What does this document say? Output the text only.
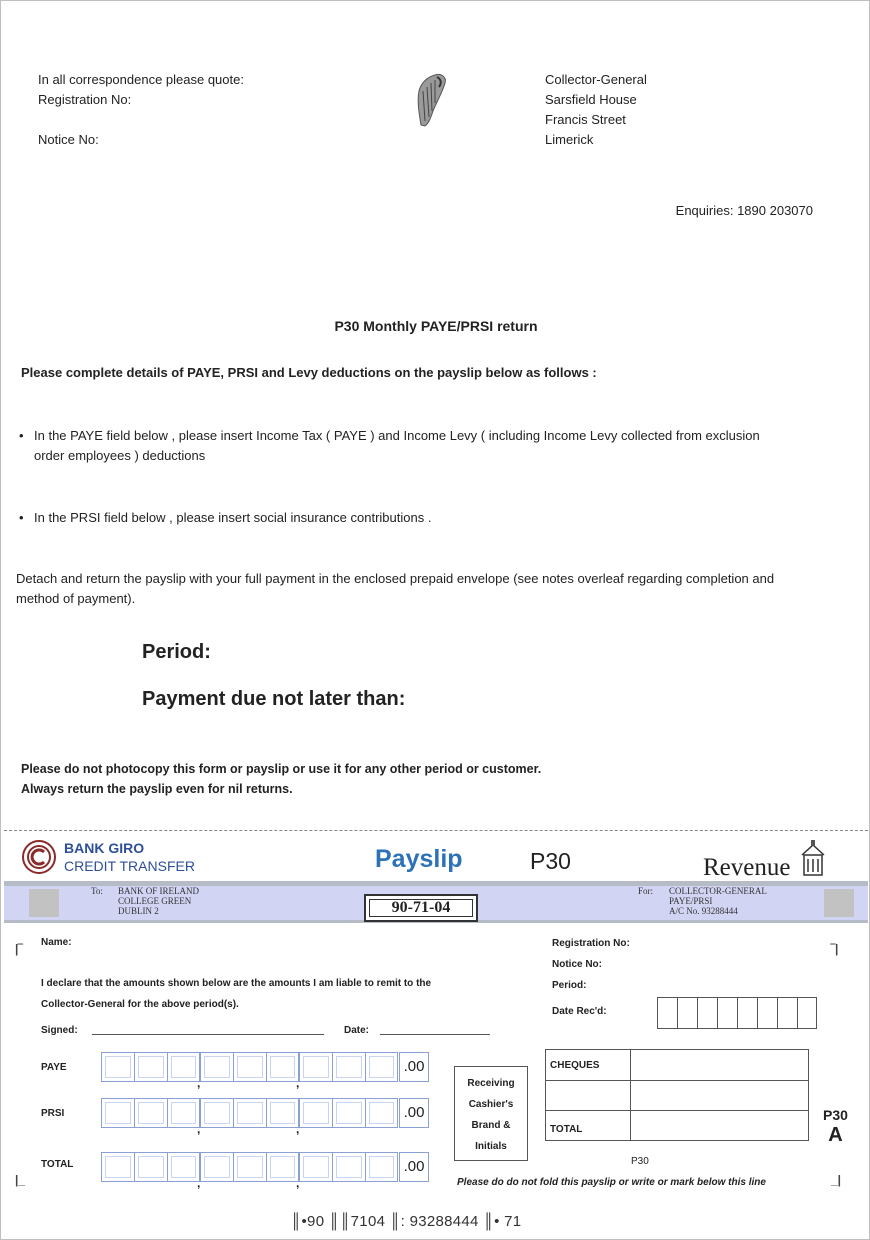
In all correspondence please quote:
Registration No:
Notice No:
Collector-General
Sarsfield House
Francis Street
Limerick
Enquiries: 1890 203070
P30 Monthly PAYE/PRSI return
Please complete details of PAYE, PRSI and Levy deductions on the payslip below as follows :
• In the PAYE field below , please insert Income Tax ( PAYE ) and Income Levy ( including Income Levy collected from exclusion order employees ) deductions
• In the PRSI field below , please insert social insurance contributions .
Detach and return the payslip with your full payment in the enclosed prepaid envelope (see notes overleaf regarding completion and method of payment).
Period:
Payment due not later than:
Please do not photocopy this form or payslip or use it for any other period or customer.
Always return the payslip even for nil returns.
BANK GIRO
CREDIT TRANSFER	Payslip	P30	Revenue
To: BANK OF IRELAND
COLLEGE GREEN
DUBLIN 2	90-71-04
For: COLLECTOR-GENERAL
PAYE/PRSI
A/C No. 93288444
|‾	‾|
|_	_|
Name:
I declare that the amounts shown below are the amounts I am liable to remit to the
Collector-General for the above period(s).
Signed:	Date:
Registration No:
Notice No:
Period:
Date Rec'd:
PAYE	.00
,	,
PRSI	.00
,	,
TOTAL	.00
,	,
Receiving
Cashier's
Brand &
Initials
CHEQUES
TOTAL
P30
A
P30
Please do do not fold this payslip or write or mark below this line
║•90 ║║7104 ║: 93288444 ║• 71
